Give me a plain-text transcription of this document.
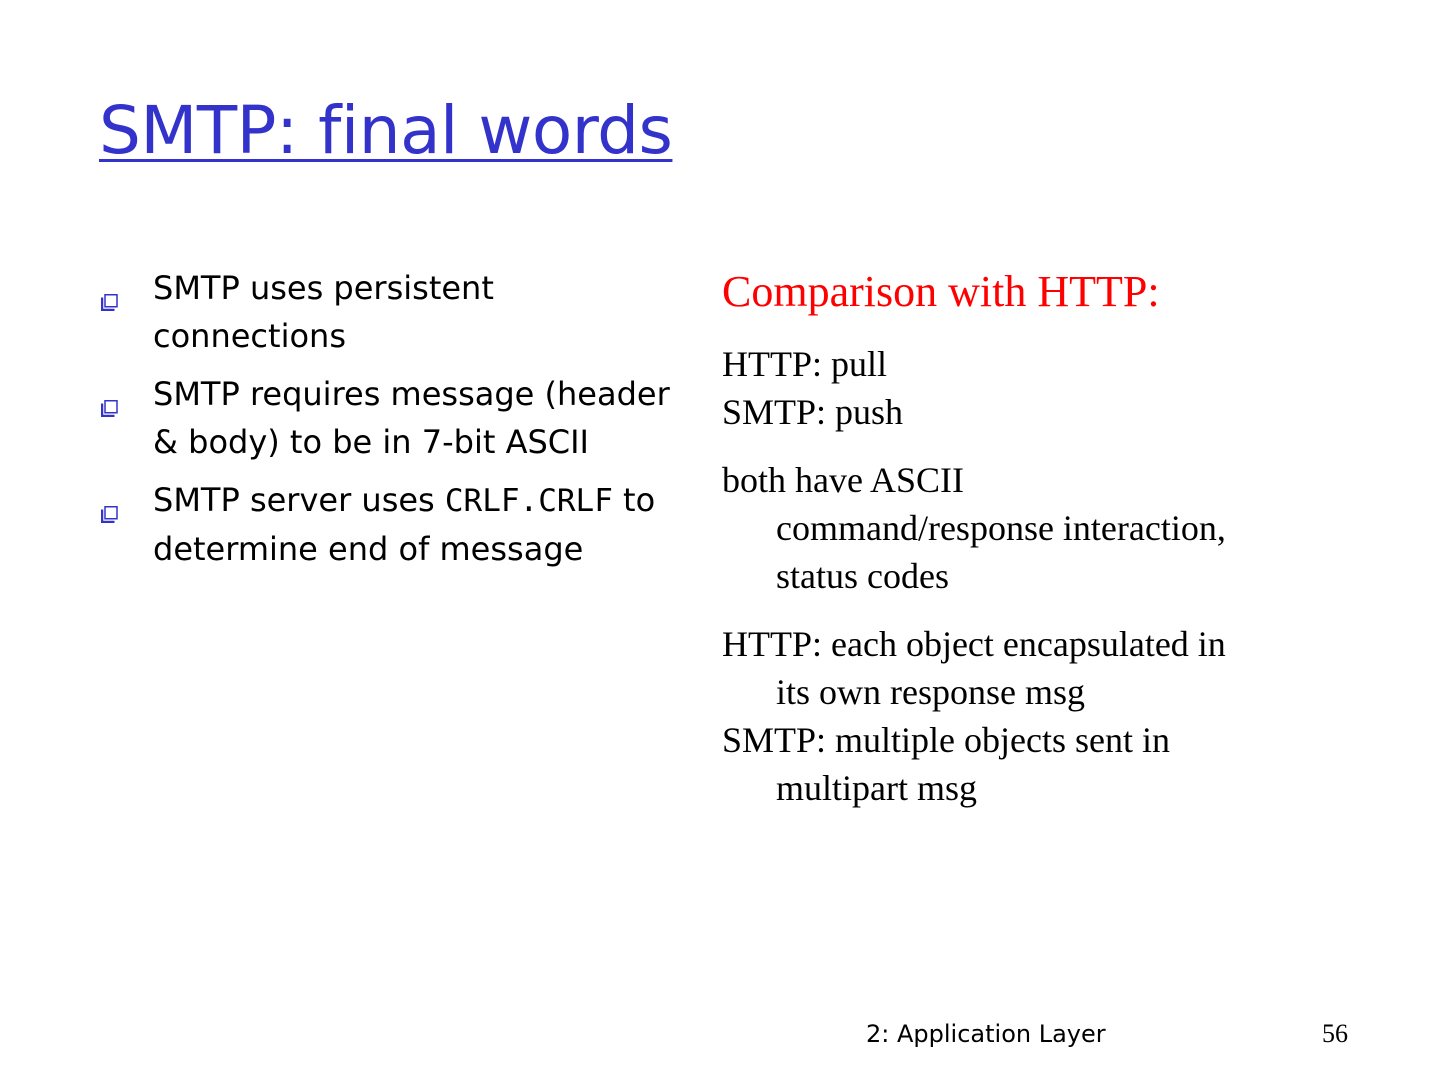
SMTP: final words
SMTP uses persistent connections
SMTP requires message (header & body) to be in 7-bit ASCII
SMTP server uses CRLF.CRLF to determine end of message
Comparison with HTTP:

HTTP: pull
SMTP: push

both have ASCII
command/response interaction,
status codes

HTTP: each object encapsulated in
its own response msg
SMTP: multiple objects sent in
multipart msg

2: Application Layer	56
